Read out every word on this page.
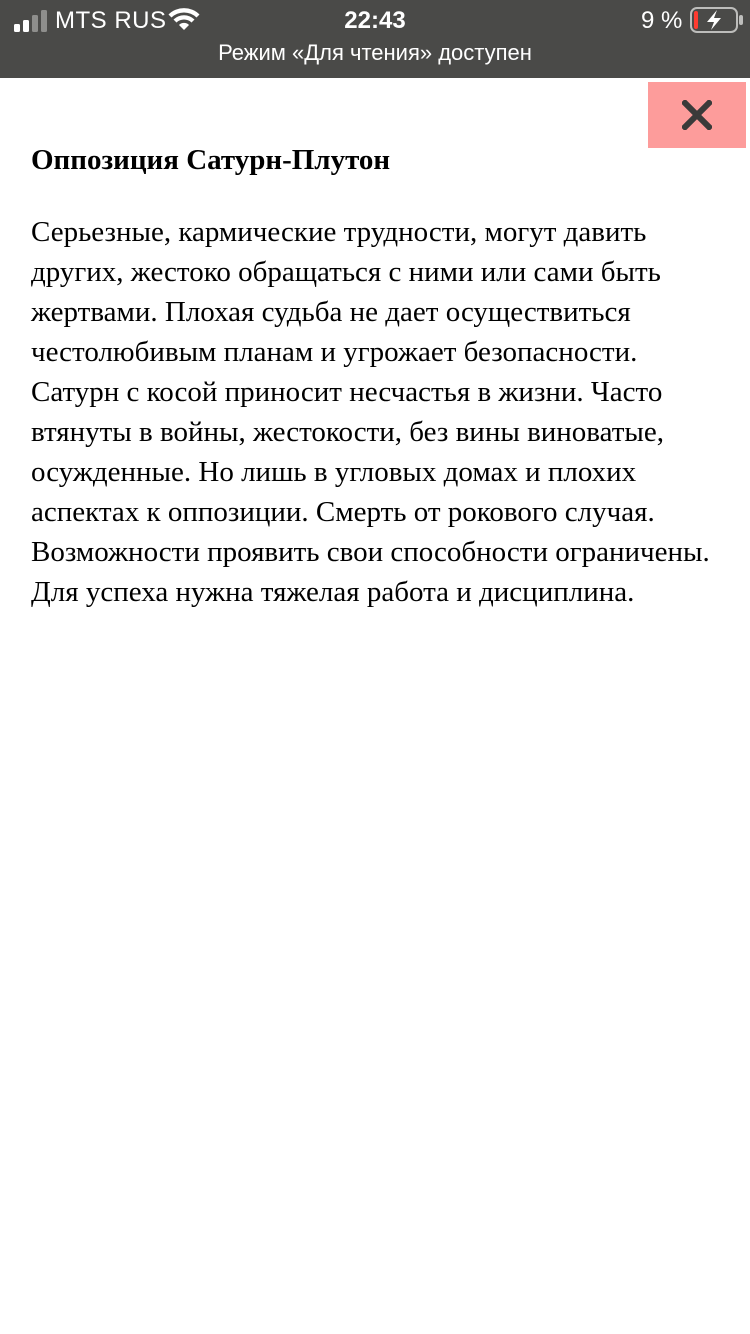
MTS RUS	22:43	9 %
Режим «Для чтения» доступен
Оппозиция Сатурн-Плутон

Серьезные, кармические трудности, могут давить других, жестоко обращаться с ними или сами быть жертвами. Плохая судьба не дает осуществиться честолюбивым планам и угрожает безопасности. Сатурн с косой приносит несчастья в жизни. Часто втянуты в войны, жестокости, без вины виноватые, осужденные. Но лишь в угловых домах и плохих аспектах к оппозиции. Смерть от рокового случая. Возможности проявить свои способности ограничены. Для успеха нужна тяжелая работа и дисциплина.
